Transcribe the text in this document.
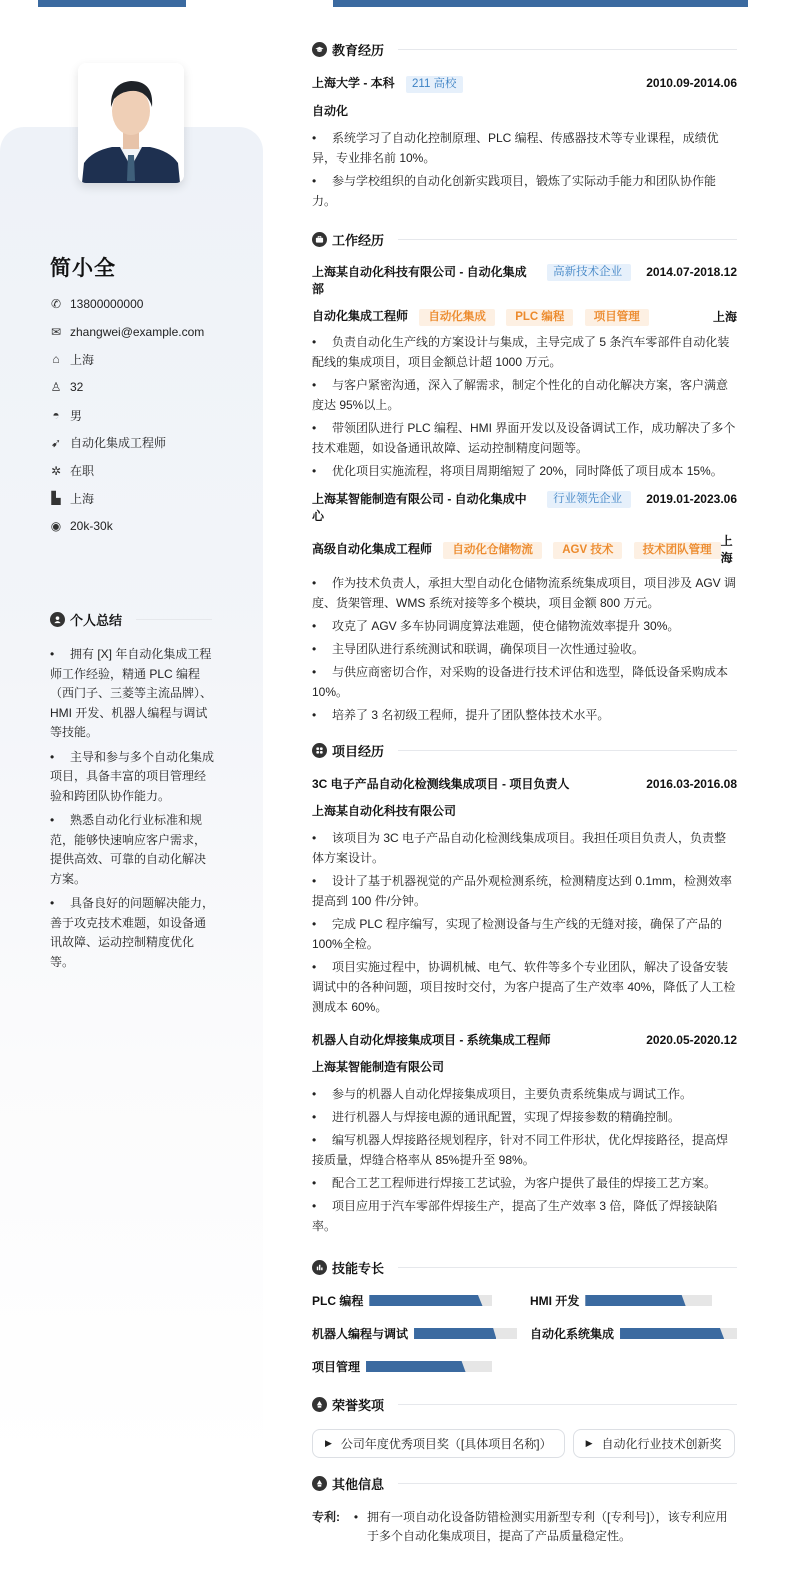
简小全
✆ 13800000000
✉ zhangwei@example.com
⌂ 上海
♙ 32
◓ 男
➹ 自动化集成工程师
✲ 在职
▙ 上海
◉ 20k-30k
个人总结
• 拥有 [X] 年自动化集成工程师工作经验，精通 PLC 编程（西门子、三菱等主流品牌）、HMI 开发、机器人编程与调试等技能。
• 主导和参与多个自动化集成项目，具备丰富的项目管理经验和跨团队协作能力。
• 熟悉自动化行业标准和规范，能够快速响应客户需求，提供高效、可靠的自动化解决方案。
• 具备良好的问题解决能力，善于攻克技术难题，如设备通讯故障、运动控制精度优化等。
教育经历
上海大学 - 本科 211 高校	2010.09-2014.06
自动化
• 系统学习了自动化控制原理、PLC 编程、传感器技术等专业课程，成绩优异，专业排名前 10%。
• 参与学校组织的自动化创新实践项目，锻炼了实际动手能力和团队协作能力。
工作经历
上海某自动化科技有限公司 - 自动化集成部
高新技术企业	2014.07-2018.12
自动化集成工程师 自动化集成	PLC 编程	项目管理	上海
• 负责自动化生产线的方案设计与集成，主导完成了 5 条汽车零部件自动化装配线的集成项目，项目金额总计超 1000 万元。
• 与客户紧密沟通，深入了解需求，制定个性化的自动化解决方案，客户满意度达 95%以上。
• 带领团队进行 PLC 编程、HMI 界面开发以及设备调试工作，成功解决了多个技术难题，如设备通讯故障、运动控制精度问题等。
• 优化项目实施流程，将项目周期缩短了 20%，同时降低了项目成本 15%。
上海某智能制造有限公司 - 自动化集成中心
行业领先企业	2019.01-2023.06
高级自动化集成工程师 自动化仓储物流	AGV 技术	技术团队管理
上海
• 作为技术负责人，承担大型自动化仓储物流系统集成项目，项目涉及 AGV 调度、货架管理、WMS 系统对接等多个模块，项目金额 800 万元。
• 攻克了 AGV 多车协同调度算法难题，使仓储物流效率提升 30%。
• 主导团队进行系统测试和联调，确保项目一次性通过验收。
• 与供应商密切合作，对采购的设备进行技术评估和选型，降低设备采购成本 10%。
• 培养了 3 名初级工程师，提升了团队整体技术水平。
项目经历
3C 电子产品自动化检测线集成项目 - 项目负责人	2016.03-2016.08
上海某自动化科技有限公司
• 该项目为 3C 电子产品自动化检测线集成项目。我担任项目负责人，负责整体方案设计。
• 设计了基于机器视觉的产品外观检测系统，检测精度达到 0.1mm，检测效率提高到 100 件/分钟。
• 完成 PLC 程序编写，实现了检测设备与生产线的无缝对接，确保了产品的 100%全检。
• 项目实施过程中，协调机械、电气、软件等多个专业团队，解决了设备安装调试中的各种问题，项目按时交付，为客户提高了生产效率 40%，降低了人工检测成本 60%。
机器人自动化焊接集成项目 - 系统集成工程师	2020.05-2020.12
上海某智能制造有限公司
• 参与的机器人自动化焊接集成项目，主要负责系统集成与调试工作。
• 进行机器人与焊接电源的通讯配置，实现了焊接参数的精确控制。
• 编写机器人焊接路径规划程序，针对不同工件形状，优化焊接路径，提高焊接质量，焊缝合格率从 85%提升至 98%。
• 配合工艺工程师进行焊接工艺试验，为客户提供了最佳的焊接工艺方案。
• 项目应用于汽车零部件焊接生产，提高了生产效率 3 倍，降低了焊接缺陷率。
技能专长
PLC 编程	HMI 开发
机器人编程与调试	自动化系统集成
项目管理
荣誉奖项
▶ 公司年度优秀项目奖（[具体项目名称]）	▶ 自动化行业技术创新奖
其他信息
专利:	• 拥有一项自动化设备防错检测实用新型专利（[专利号]），该专利应用于多个自动化集成项目，提高了产品质量稳定性。
